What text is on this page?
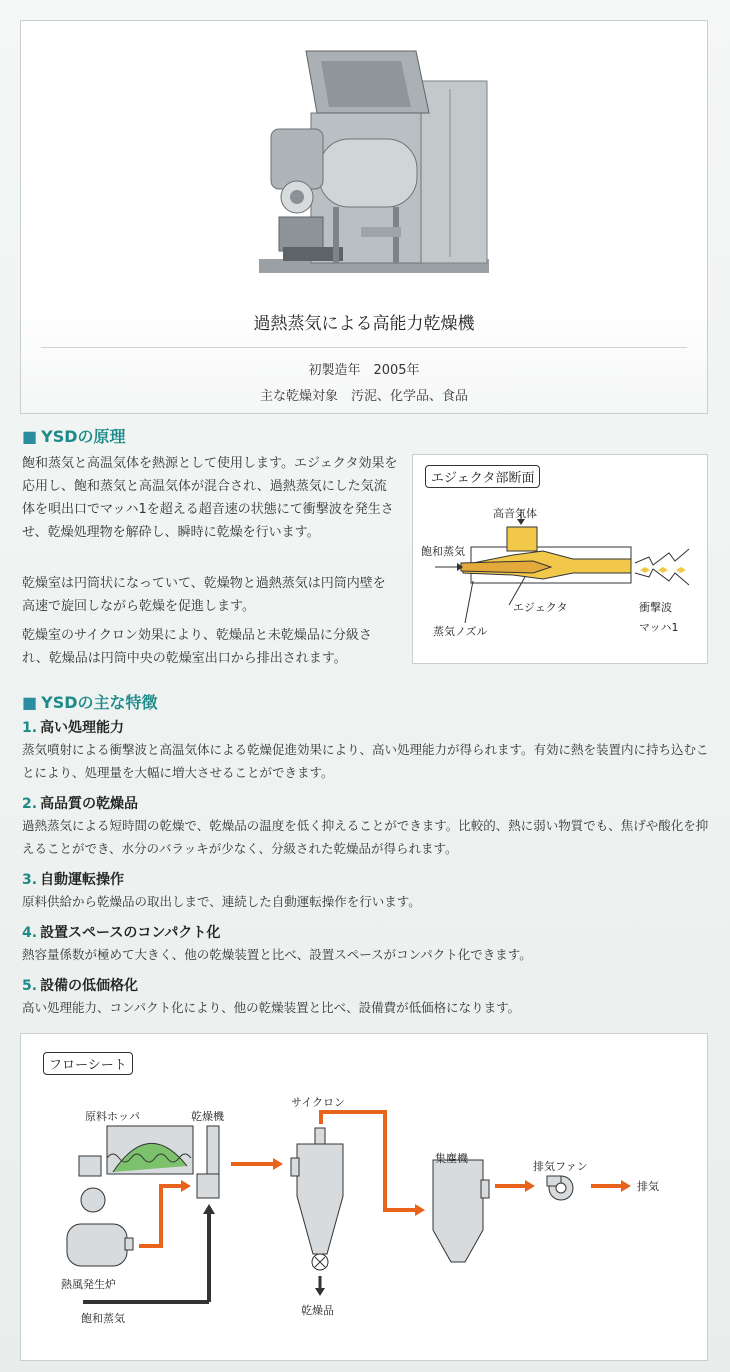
過熱蒸気による高能力乾燥機
初製造年　2005年
主な乾燥対象　汚泥、化学品、食品
■ YSDの原理
飽和蒸気と高温気体を熱源として使用します。エジェクタ効果を応用し、飽和蒸気と高温気体が混合され、過熱蒸気にした気流体を唄出口でマッハ1を超える超音速の状態にて衝撃波を発生させ、乾燥処理物を解砕し、瞬時に乾燥を行います。
乾燥室は円筒状になっていて、乾燥物と過熱蒸気は円筒内壁を高速で旋回しながら乾燥を促進します。
乾燥室のサイクロン効果により、乾燥品と未乾燥品に分級され、乾燥品は円筒中央の乾燥室出口から排出されます。
エジェクタ部断面
高音気体
飽和蒸気
エジェクタ	衝撃波
マッハ1
蒸気ノズル
■ YSDの主な特徴
1. 高い処理能力
蒸気噴射による衝撃波と高温気体による乾燥促進効果により、高い処理能力が得られます。有効に熱を装置内に持ち込むことにより、処理量を大幅に増大させることができます。
2. 高品質の乾燥品
過熱蒸気による短時間の乾燥で、乾燥品の温度を低く抑えることができます。比較的、熱に弱い物質でも、焦げや酸化を抑えることができ、水分のバラッキが少なく、分級された乾燥品が得られます。
3. 自動運転操作
原料供給から乾燥品の取出しまで、連続した自動運転操作を行います。
4. 設置スペースのコンパクト化
熱容量係数が極めて大きく、他の乾燥装置と比べ、設置スペースがコンパクト化できます。
5. 設備の低価格化
高い処理能力、コンパクト化により、他の乾燥装置と比べ、設備費が低価格になります。
フローシート
原料ホッパ	乾燥機
サイクロン
集塵機
排気ファン
排気
熱風発生炉
飽和蒸気
乾燥品
